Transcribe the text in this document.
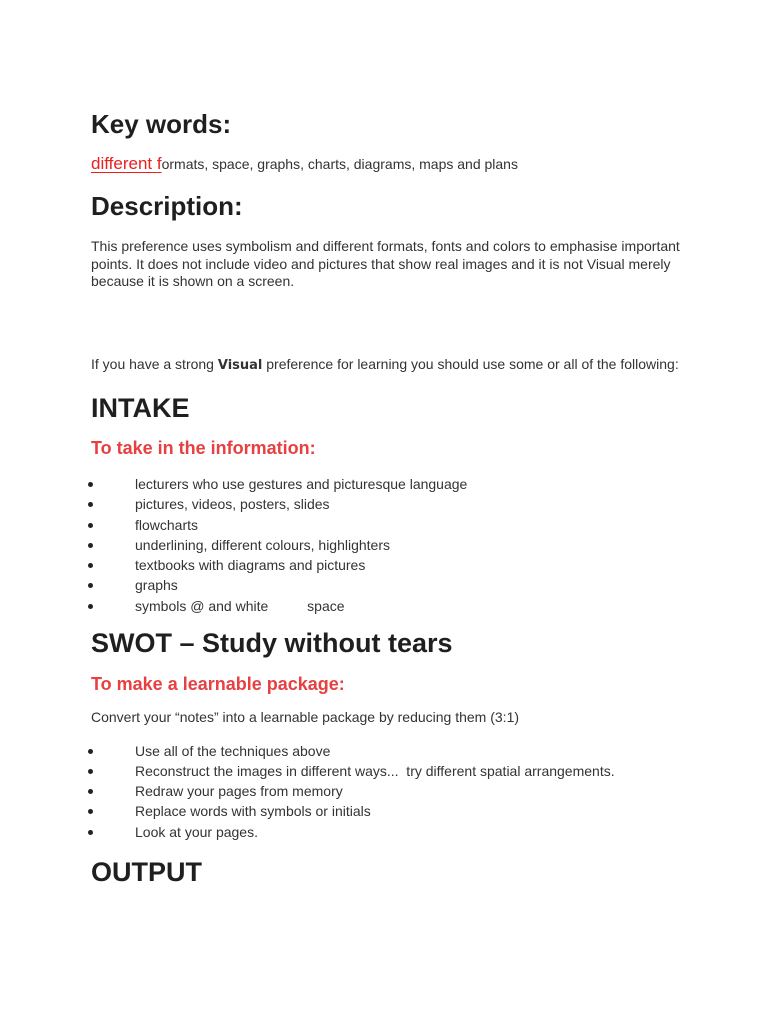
Key words:

different formats, space, graphs, charts, diagrams, maps and plans

Description:

This preference uses symbolism and different formats, fonts and colors to emphasise important points. It does not include video and pictures that show real images and it is not Visual merely because it is shown on a screen.

If you have a strong Visual preference for learning you should use some or all of the following:

INTAKE
To take in the information:
lecturers who use gestures and picturesque language
pictures, videos, posters, slides
flowcharts
underlining, different colours, highlighters
textbooks with diagrams and pictures
graphs
symbols @ and white          space
SWOT – Study without tears
To make a learnable package:

Convert your “notes” into a learnable package by reducing them (3:1)

Use all of the techniques above
Reconstruct the images in different ways...  try different spatial arrangements.
Redraw your pages from memory
Replace words with symbols or initials
Look at your pages.
OUTPUT
